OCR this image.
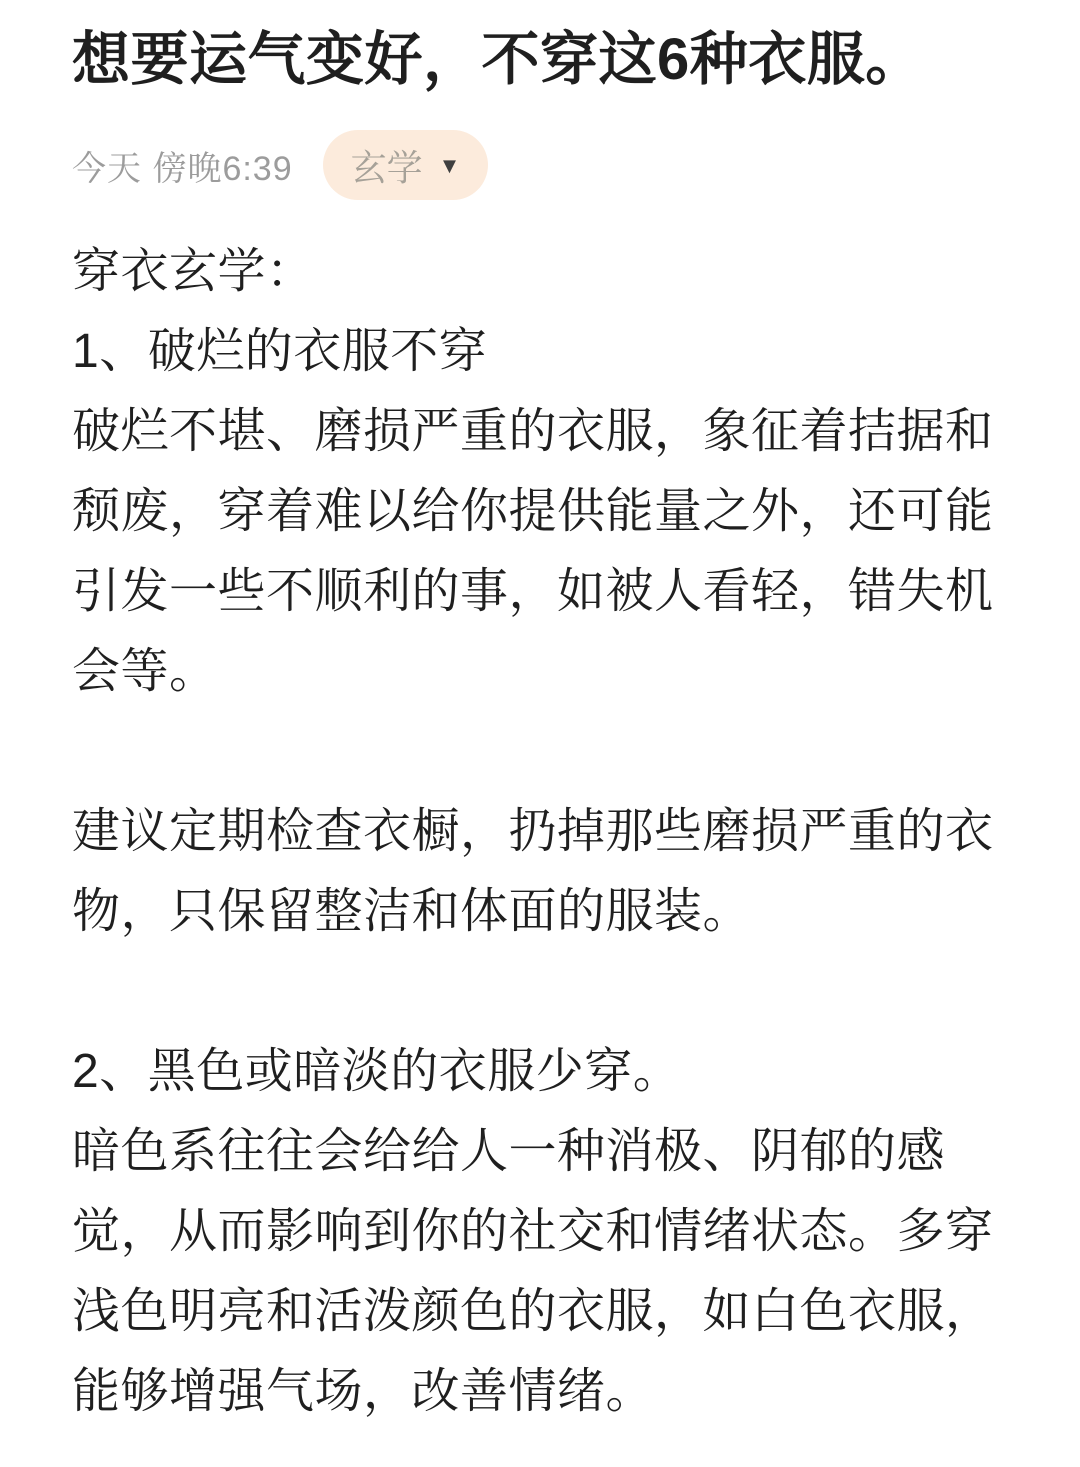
想要运气变好，不穿这6种衣服。
今天 傍晚6:39 玄学 ▼
穿衣玄学：
1、破烂的衣服不穿
破烂不堪、磨损严重的衣服，象征着拮据和
颓废，穿着难以给你提供能量之外，还可能
引发一些不顺利的事，如被人看轻，错失机
会等。
建议定期检查衣橱，扔掉那些磨损严重的衣
物，只保留整洁和体面的服装。
2、黑色或暗淡的衣服少穿。
暗色系往往会给给人一种消极、阴郁的感
觉，从而影响到你的社交和情绪状态。多穿
浅色明亮和活泼颜色的衣服，如白色衣服，
能够增强气场，改善情绪。
